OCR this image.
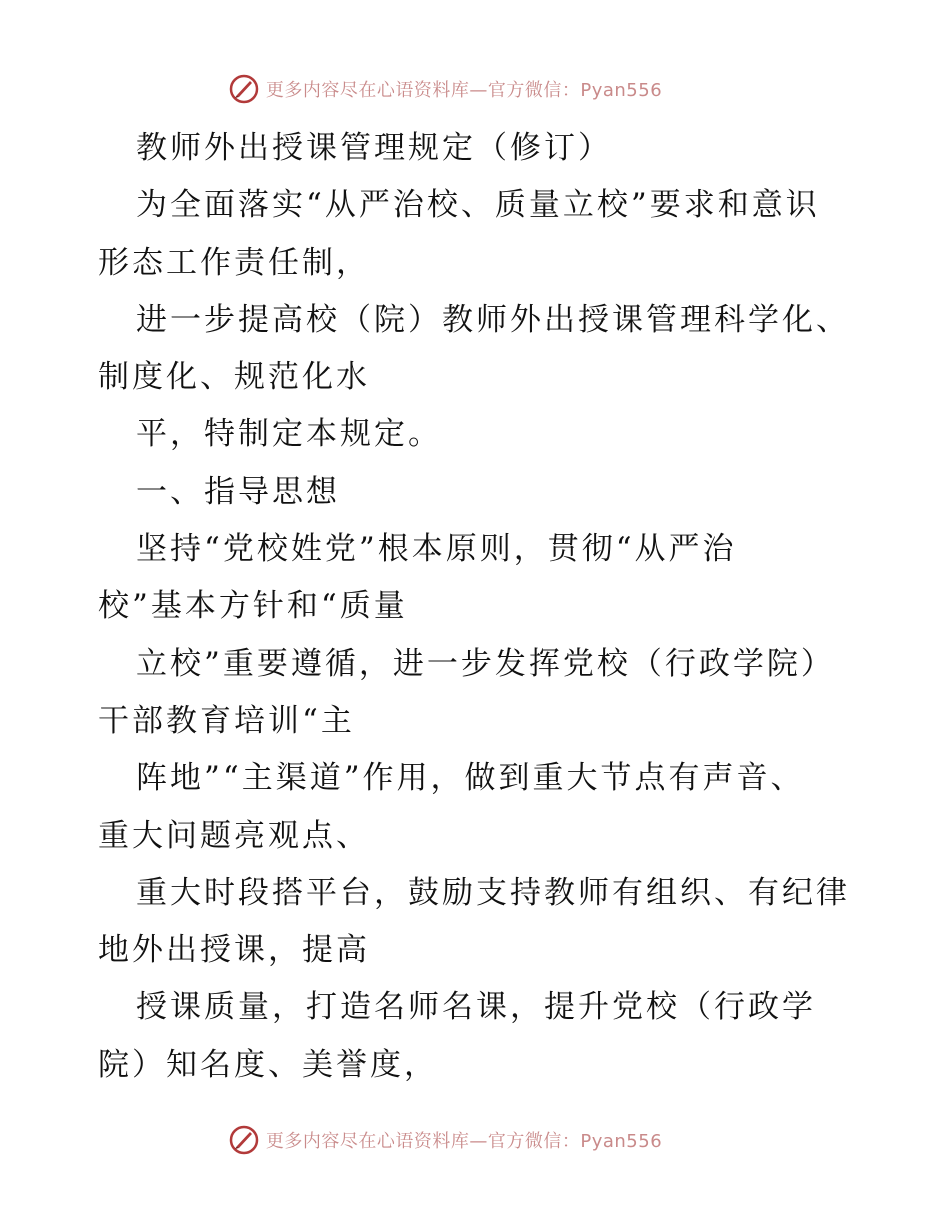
更多内容尽在心语资料库—官方微信：Pyan556
教师外出授课管理规定（修订）
为全面落实“从严治校、质量立校”要求和意识
形态工作责任制，
进一步提高校（院）教师外出授课管理科学化、
制度化、规范化水
平，特制定本规定。
一、指导思想
坚持“党校姓党”根本原则，贯彻“从严治
校”基本方针和“质量
立校”重要遵循，进一步发挥党校（行政学院）
干部教育培训“主
阵地”“主渠道”作用，做到重大节点有声音、
重大问题亮观点、
重大时段搭平台，鼓励支持教师有组织、有纪律
地外出授课，提高
授课质量，打造名师名课，提升党校（行政学
院）知名度、美誉度，
更多内容尽在心语资料库—官方微信：Pyan556
